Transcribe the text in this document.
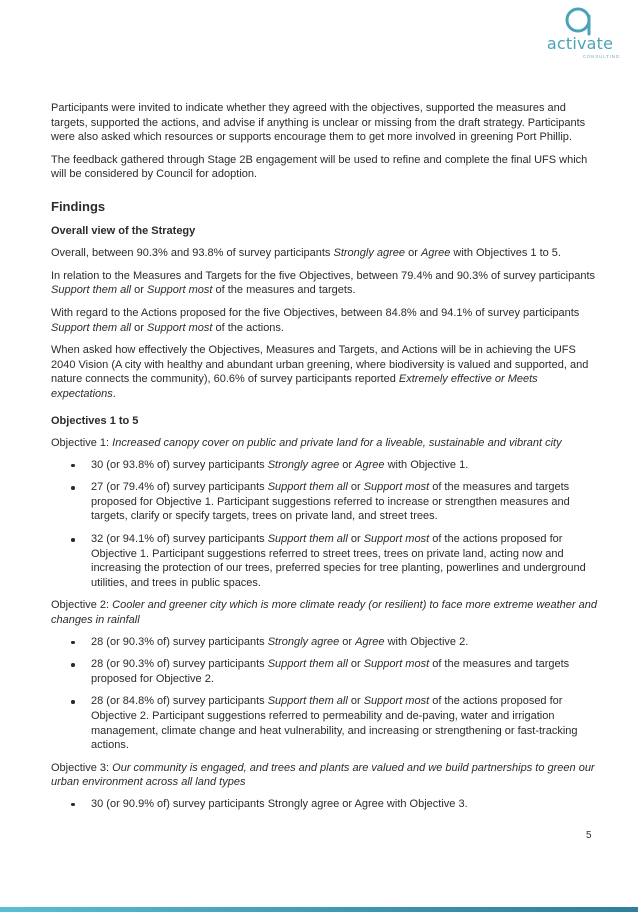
activate
CONSULTING

Participants were invited to indicate whether they agreed with the objectives, supported the measures and targets, supported the actions, and advise if anything is unclear or missing from the draft strategy. Participants were also asked which resources or supports encourage them to get more involved in greening Port Phillip.

The feedback gathered through Stage 2B engagement will be used to refine and complete the final UFS which will be considered by Council for adoption.

Findings
Overall view of the Strategy

Overall, between 90.3% and 93.8% of survey participants Strongly agree or Agree with Objectives 1 to 5.

In relation to the Measures and Targets for the five Objectives, between 79.4% and 90.3% of survey participants Support them all or Support most of the measures and targets.

With regard to the Actions proposed for the five Objectives, between 84.8% and 94.1% of survey participants Support them all or Support most of the actions.

When asked how effectively the Objectives, Measures and Targets, and Actions will be in achieving the UFS 2040 Vision (A city with healthy and abundant urban greening, where biodiversity is valued and supported, and nature connects the community), 60.6% of survey participants reported Extremely effective or Meets expectations.

Objectives 1 to 5

Objective 1: Increased canopy cover on public and private land for a liveable, sustainable and vibrant city

30 (or 93.8% of) survey participants Strongly agree or Agree with Objective 1.
27 (or 79.4% of) survey participants Support them all or Support most of the measures and targets proposed for Objective 1. Participant suggestions referred to increase or strengthen measures and targets, clarify or specify targets, trees on private land, and street trees.
32 (or 94.1% of) survey participants Support them all or Support most of the actions proposed for Objective 1. Participant suggestions referred to street trees, trees on private land, acting now and increasing the protection of our trees, preferred species for tree planting, powerlines and underground utilities, and trees in public spaces.

Objective 2: Cooler and greener city which is more climate ready (or resilient) to face more extreme weather and changes in rainfall

28 (or 90.3% of) survey participants Strongly agree or Agree with Objective 2.
28 (or 90.3% of) survey participants Support them all or Support most of the measures and targets proposed for Objective 2.
28 (or 84.8% of) survey participants Support them all or Support most of the actions proposed for Objective 2. Participant suggestions referred to permeability and de-paving, water and irrigation management, climate change and heat vulnerability, and increasing or strengthening or fast-tracking actions.

Objective 3: Our community is engaged, and trees and plants are valued and we build partnerships to green our urban environment across all land types

30 (or 90.9% of) survey participants Strongly agree or Agree with Objective 3.
5
